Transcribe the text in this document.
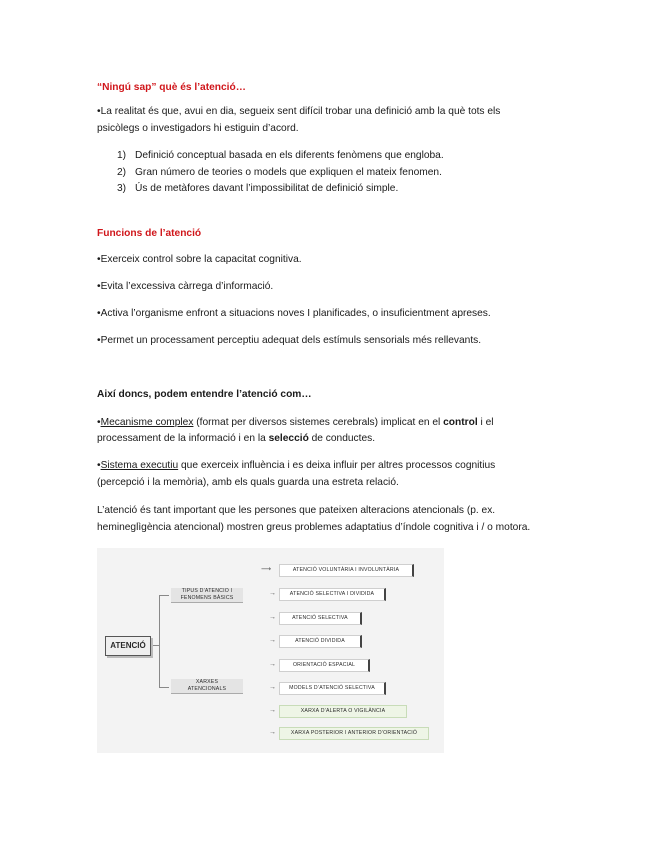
“Ningú sap” què és l’atenció…
•La realitat és que, avui en dia, segueix sent difícil trobar una definició amb la què tots els
psicòlegs o investigadors hi estiguin d’acord.
1) Definició conceptual basada en els diferents fenòmens que engloba.
2) Gran número de teories o models que expliquen el mateix fenomen.
3) Ús de metàfores davant l’impossibilitat de definició simple.
Funcions de l’atenció
•Exerceix control sobre la capacitat cognitiva.
•Evita l’excessiva càrrega d’informació.
•Activa l’organisme enfront a situacions noves I planificades, o insuficientment apreses.
•Permet un processament perceptiu adequat dels estímuls sensorials més rellevants.
Així doncs, podem entendre l’atenció com…
•Mecanisme complex (format per diversos sistemes cerebrals) implicat en el control i el
processament de la informació i en la selecció de conductes.
•Sistema executiu que exerceix influència i es deixa influir per altres processos cognitius
(percepció i la memòria), amb els quals guarda una estreta relació.
L’atenció és tant important que les persones que pateixen alteracions atencionals (p. ex.
hemineglìgència atencional) mostren greus problemes adaptatius d’índole cognitiva i / o motora.
ATENCIÓ
TIPUS D’ATENCIÓ I
FENOMENS BÀSICS
XARXES
ATENCIONALS
⟶
→
→
→
→
→
→
→
ATENCIÓ VOLUNTÀRIA I INVOLUNTÀRIA
ATENCIÓ SELECTIVA I DIVIDIDA
ATENCIÓ SELECTIVA
ATENCIÓ DIVIDIDA
ORIENTACIÓ ESPACIAL
MODELS D’ATENCIÓ SELECTIVA
XARXA D’ALERTA O VIGILÀNCIA
XARXA POSTERIOR I ANTERIOR D’ORIENTACIÓ
